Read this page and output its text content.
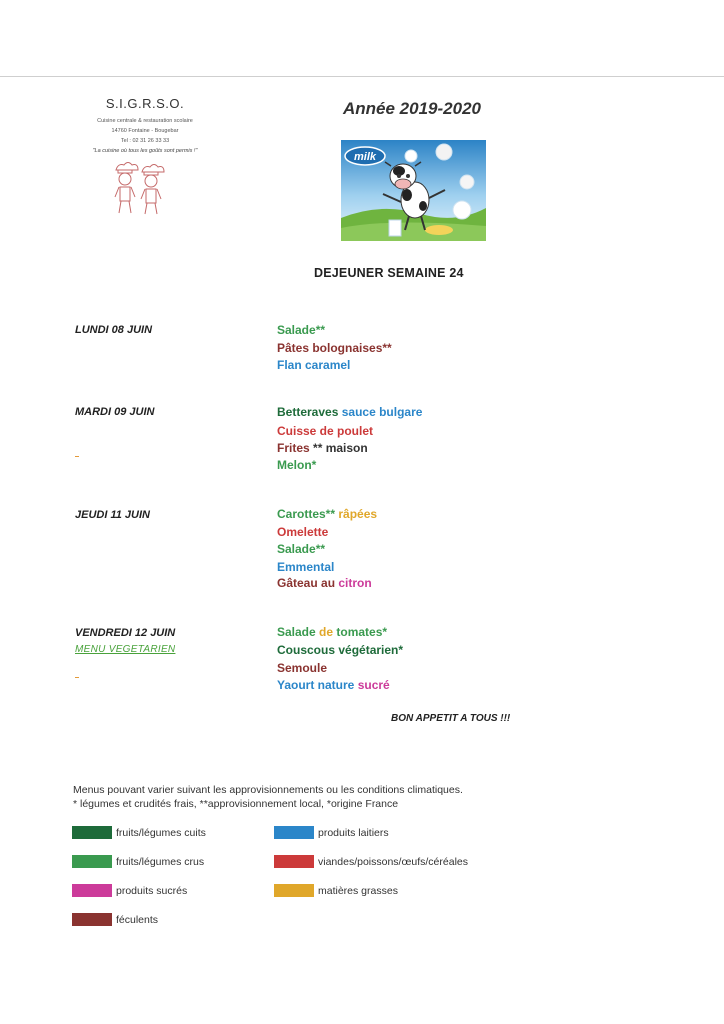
S.I.G.R.S.O.
Cuisine centrale & restauration scolaire
14760 Fontaine - Bougebar
Tel : 02 31 26 33 33
"La cuisine où tous les goûts sont permis !"
Année 2019-2020
milk
DEJEUNER SEMAINE 24
LUNDI 08 JUIN
MARDI 09 JUIN
JEUDI 11 JUIN
VENDREDI 12 JUIN
MENU VEGETARIEN
Salade**
Pâtes bolognaises**
Flan caramel
Betteraves sauce bulgare
Cuisse de poulet
Frites ** maison
Melon*
Carottes** râpées
Omelette
Salade**
Emmental
Gâteau au citron
Salade de tomates*
Couscous végétarien*
Semoule
Yaourt nature sucré
BON APPETIT A TOUS !!!
Menus pouvant varier suivant les approvisionnements ou les conditions climatiques.
* légumes et crudités frais, **approvisionnement local, *origine France
fruits/légumes cuits	produits laitiers
fruits/légumes crus	viandes/poissons/œufs/céréales
produits sucrés	matières grasses
féculents
